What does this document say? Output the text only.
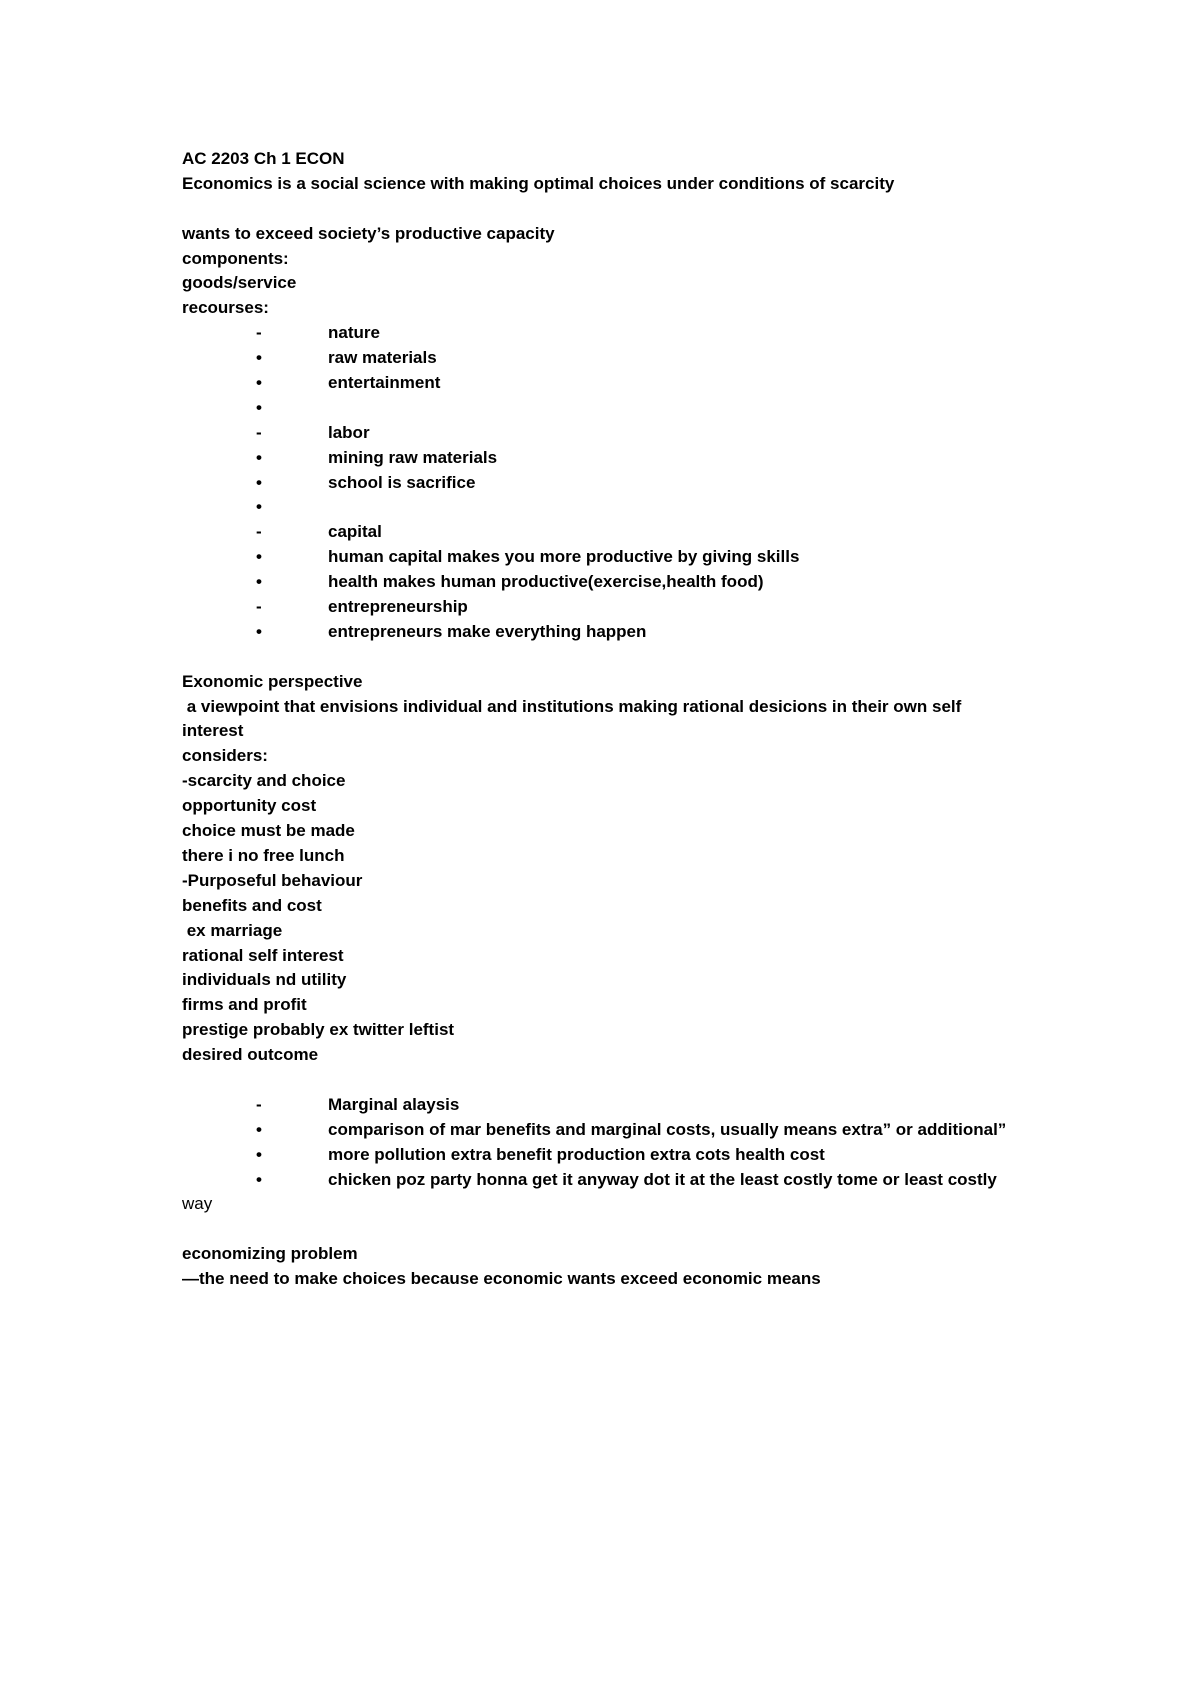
AC 2203 Ch 1 ECON
Economics is a social science with making optimal choices under conditions of scarcity
wants to exceed society’s productive capacity
components:
goods/service
recourses:
-	nature
•	raw materials
•	entertainment
•
-	labor
•	mining raw materials
•	school is sacrifice
•
-	capital
•	human capital makes you more productive by giving skills
•	health makes human productive(exercise,health food)
-	entrepreneurship
•	entrepreneurs make everything happen
Exonomic perspective
a viewpoint that envisions individual and institutions making rational desicions in their own self
interest
considers:
-scarcity and choice
opportunity cost
choice must be made
there i no free lunch
-Purposeful behaviour
benefits and cost
ex marriage
rational self interest
individuals nd utility
firms and profit
prestige probably ex twitter leftist
desired outcome
-	Marginal alaysis
•	comparison of mar benefits and marginal costs, usually means extra” or additional”
•	more pollution extra benefit production extra cots health cost
•	chicken poz party honna get it anyway dot it at the least costly tome or least costly
way
economizing problem
—the need to make choices because economic wants exceed economic means
